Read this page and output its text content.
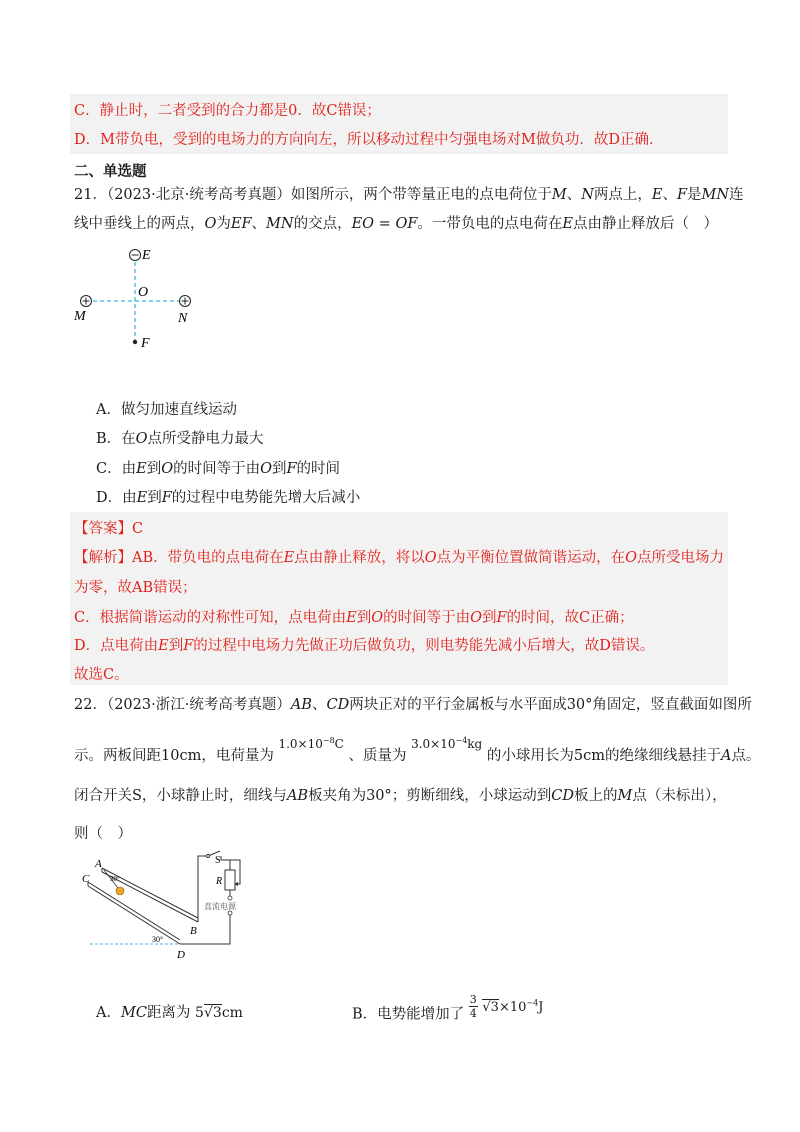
C．静止时，二者受到的合力都是0．故C错误；
D．M带负电，受到的电场力的方向向左，所以移动过程中匀强电场对M做负功．故D正确．
二、单选题
21．（2023·北京·统考高考真题）如图所示，两个带等量正电的点电荷位于M、N两点上，E、F是MN连
线中垂线上的两点，O为EF、MN的交点，EO = OF。一带负电的点电荷在E点由静止释放后（　）
E
O
M	N
F
A．做匀加速直线运动
B．在O点所受静电力最大
C．由E到O的时间等于由O到F的时间
D．由E到F的过程中电势能先增大后减小
【答案】C
【解析】AB．带负电的点电荷在E点由静止释放，将以O点为平衡位置做简谐运动，在O点所受电场力
为零，故AB错误；
C．根据简谐运动的对称性可知，点电荷由E到O的时间等于由O到F的时间，故C正确；
D．点电荷由E到F的过程中电场力先做正功后做负功，则电势能先减小后增大，故D错误。
故选C。
22．（2023·浙江·统考高考真题）AB、CD两块正对的平行金属板与水平面成30°角固定，竖直截面如图所
示。两板间距10cm，电荷量为 $^{1.0\times 10^{-8}C}$ 、质量为 $^{3.0\times 10^{-4}kg}$ 的小球用长为5cm的绝缘细线悬挂于A点。
闭合开关S，小球静止时，细线与AB板夹角为30°；剪断细线，小球运动到CD板上的M点（未标出），
则（　）
A
30°
C
B
D
30°
S
R
直流电源
A．MC距离为 5√3cm	B．电势能增加了 $\frac{3}{4} √3\times 10^{-4}J$
